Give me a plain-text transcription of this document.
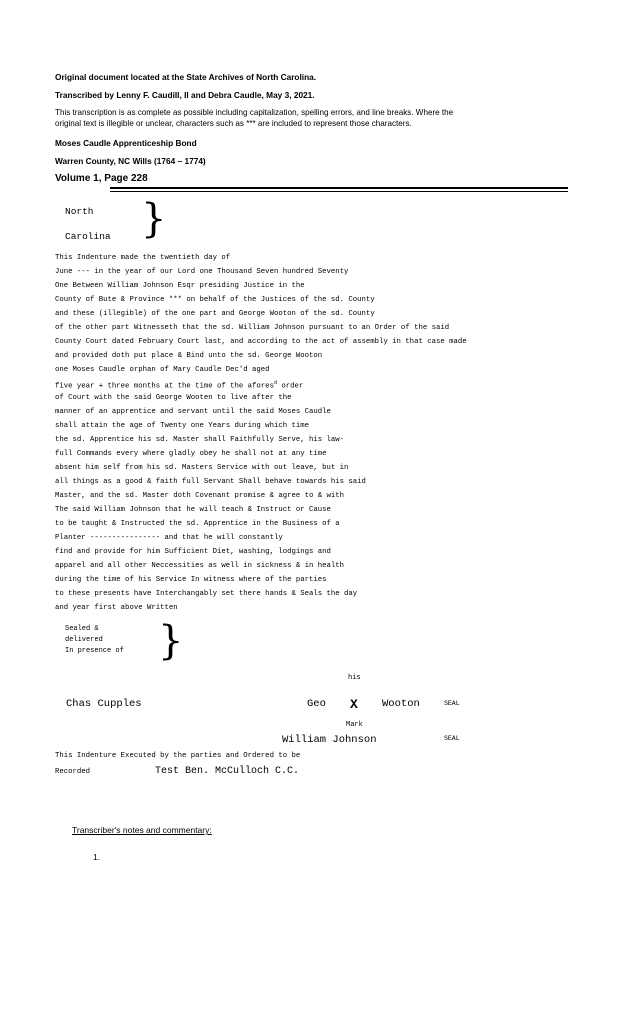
Original document located at the State Archives of North Carolina.
Transcribed by Lenny F. Caudill, II and Debra Caudle, May 3, 2021.
This transcription is as complete as possible including capitalization, spelling errors, and line breaks. Where the
original text is illegible or unclear, characters such as *** are included to represent those characters.
Moses Caudle Apprenticeship Bond
Warren County, NC Wills (1764 – 1774)
Volume 1, Page 228
North
Carolina }
This Indenture made the twentieth day of
June --- in the year of our Lord one Thousand Seven hundred Seventy
One Between William Johnson Esqr presiding Justice in the
County of Bute & Province *** on behalf of the Justices of the sd. County
and these (illegible) of the one part and George Wooton of the sd. County
of the other part Witnesseth that the sd. William Johnson pursuant to an Order of the said
County Court dated February Court last, and according to the act of assembly in that case made
and provided doth put place & Bind unto the sd. George Wooton
one Moses Caudle orphan of Mary Caudle Dec'd aged
five year + three months at the time of the afores$^d$ order
of Court with the said George Wooten to live after the
manner of an apprentice and servant until the said Moses Caudle
shall attain the age of Twenty one Years during which time
the sd. Apprentice his sd. Master shall Faithfully Serve, his law-
full Commands every where gladly obey he shall not at any time
absent him self from his sd. Masters Service with out leave, but in
all things as a good & faith full Servant Shall behave towards his said
Master, and the sd. Master doth Covenant promise & agree to & with
The said William Johnson that he will teach & Instruct or Cause
to be taught & Instructed the sd. Apprentice in the Business of a
Planter ---------------- and that he will constantly
find and provide for him Sufficient Diet, washing, lodgings and
apparel and all other Neccessities as well in sickness & in health
during the time of his Service In witness where of the parties
to these presents have Interchangably set there hands & Seals the day
and year first above Written
Sealed &
delivered
In presence of }
his
Chas Cupples	Geo X Wooton	SEAL
Mark
William Johnson	SEAL
This Indenture Executed by the parties and Ordered to be
Recorded	Test Ben. McCulloch C.C.
Transcriber's notes and commentary:
1.
